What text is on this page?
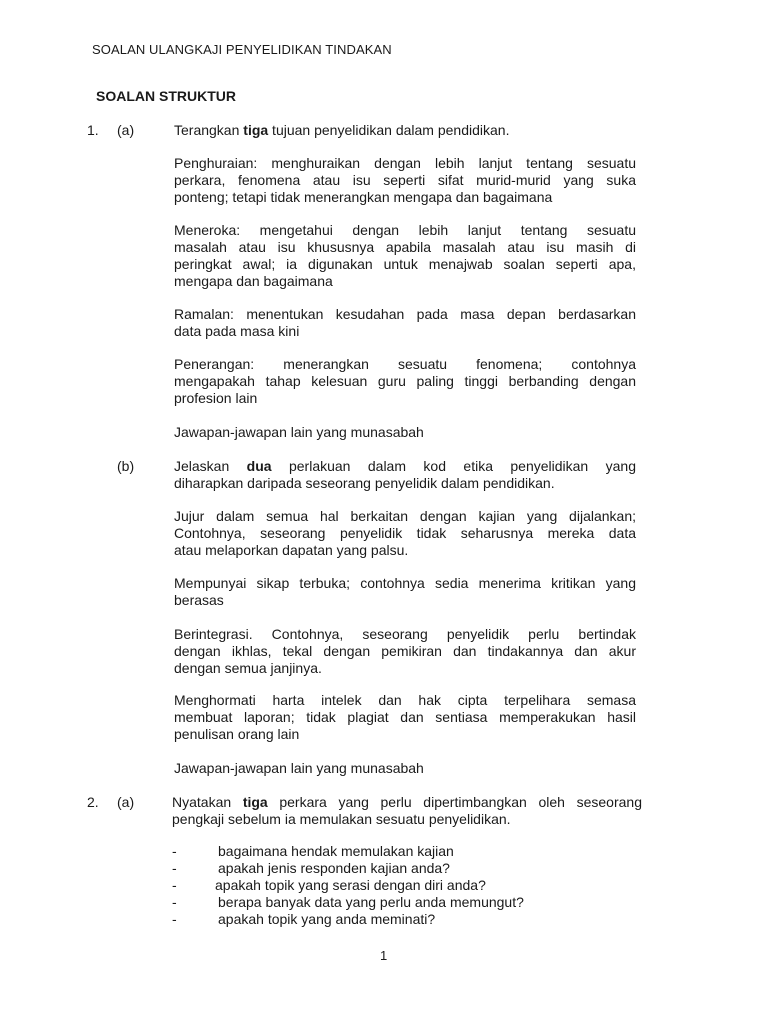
SOALAN ULANGKAJI PENYELIDIKAN TINDAKAN
SOALAN STRUKTUR
1. (a)	Terangkan tiga tujuan penyelidikan dalam pendidikan.
Penghuraian: menghuraikan dengan lebih lanjut tentang sesuatu
perkara, fenomena atau isu seperti sifat murid-murid yang suka
ponteng; tetapi tidak menerangkan mengapa dan bagaimana
Meneroka: mengetahui dengan lebih lanjut tentang sesuatu
masalah atau isu khususnya apabila masalah atau isu masih di
peringkat awal; ia digunakan untuk menajwab soalan seperti apa,
mengapa dan bagaimana
Ramalan: menentukan kesudahan pada masa depan berdasarkan
data pada masa kini
Penerangan: menerangkan sesuatu fenomena; contohnya
mengapakah tahap kelesuan guru paling tinggi berbanding dengan
profesion lain
Jawapan-jawapan lain yang munasabah
(b)	Jelaskan dua perlakuan dalam kod etika penyelidikan yang
diharapkan daripada seseorang penyelidik dalam pendidikan.
Jujur dalam semua hal berkaitan dengan kajian yang dijalankan;
Contohnya, seseorang penyelidik tidak seharusnya mereka data
atau melaporkan dapatan yang palsu.
Mempunyai sikap terbuka; contohnya sedia menerima kritikan yang
berasas
Berintegrasi. Contohnya, seseorang penyelidik perlu bertindak
dengan ikhlas, tekal dengan pemikiran dan tindakannya dan akur
dengan semua janjinya.
Menghormati harta intelek dan hak cipta terpelihara semasa
membuat laporan; tidak plagiat dan sentiasa memperakukan hasil
penulisan orang lain
Jawapan-jawapan lain yang munasabah
2. (a)	Nyatakan tiga perkara yang perlu dipertimbangkan oleh seseorang
pengkaji sebelum ia memulakan sesuatu penyelidikan.
-	bagaimana hendak memulakan kajian
-	apakah jenis responden kajian anda?
-	apakah topik yang serasi dengan diri anda?
-	berapa banyak data yang perlu anda memungut?
-	apakah topik yang anda meminati?
1
